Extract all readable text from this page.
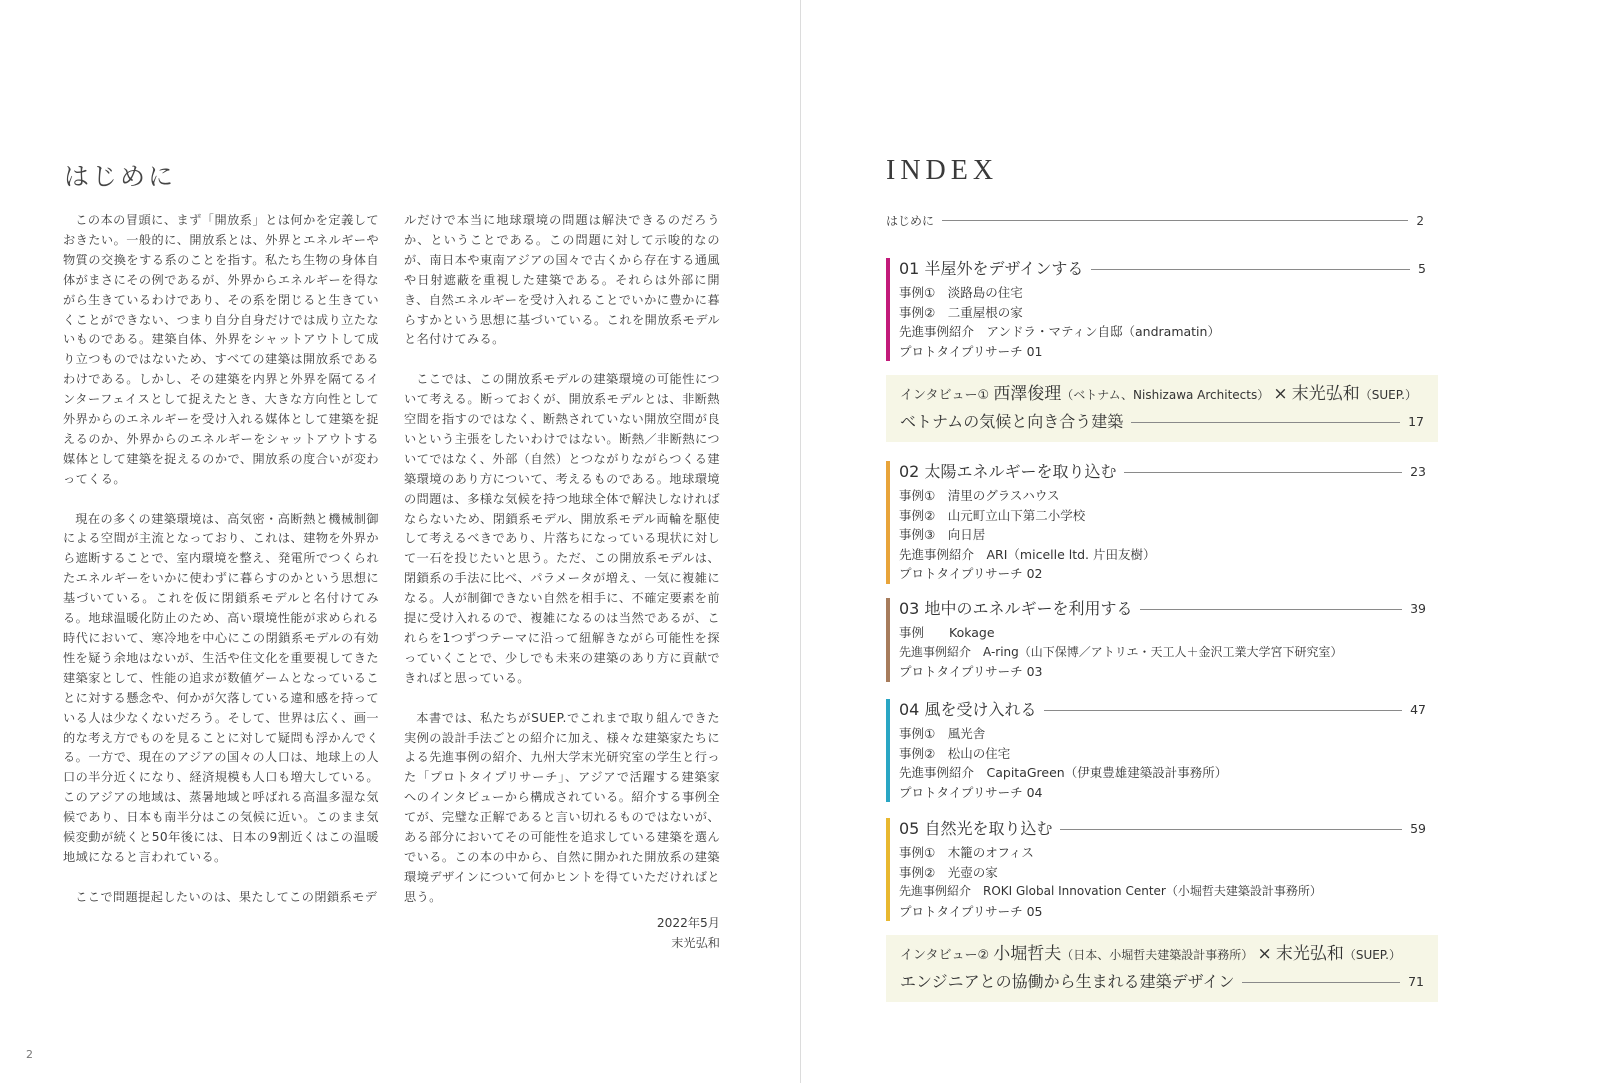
はじめに

この本の冒頭に、まず「開放系」とは何かを定義しておきたい。一般的に、開放系とは、外界とエネルギーや物質の交換をする系のことを指す。私たち生物の身体自体がまさにその例であるが、外界からエネルギーを得ながら生きているわけであり、その系を閉じると生きていくことができない、つまり自分自身だけでは成り立たないものである。建築自体、外界をシャットアウトして成り立つものではないため、すべての建築は開放系であるわけである。しかし、その建築を内界と外界を隔てるインターフェイスとして捉えたとき、大きな方向性として外界からのエネルギーを受け入れる媒体として建築を捉えるのか、外界からのエネルギーをシャットアウトする媒体として建築を捉えるのかで、開放系の度合いが変わってくる。

現在の多くの建築環境は、高気密・高断熱と機械制御による空間が主流となっており、これは、建物を外界から遮断することで、室内環境を整え、発電所でつくられたエネルギーをいかに使わずに暮らすのかという思想に基づいている。これを仮に閉鎖系モデルと名付けてみる。地球温暖化防止のため、高い環境性能が求められる時代において、寒冷地を中心にこの閉鎖系モデルの有効性を疑う余地はないが、生活や住文化を重要視してきた建築家として、性能の追求が数値ゲームとなっていることに対する懸念や、何かが欠落している違和感を持っている人は少なくないだろう。そして、世界は広く、画一的な考え方でものを見ることに対して疑問も浮かんでくる。一方で、現在のアジアの国々の人口は、地球上の人口の半分近くになり、経済規模も人口も増大している。このアジアの地域は、蒸暑地域と呼ばれる高温多湿な気候であり、日本も南半分はこの気候に近い。このまま気候変動が続くと50年後には、日本の9割近くはこの温暖地域になると言われている。

ここで問題提起したいのは、果たしてこの閉鎖系モデ

ルだけで本当に地球環境の問題は解決できるのだろうか、ということである。この問題に対して示唆的なのが、南日本や東南アジアの国々で古くから存在する通風や日射遮蔽を重視した建築である。それらは外部に開き、自然エネルギーを受け入れることでいかに豊かに暮らすかという思想に基づいている。これを開放系モデルと名付けてみる。

ここでは、この開放系モデルの建築環境の可能性について考える。断っておくが、開放系モデルとは、非断熱空間を指すのではなく、断熱されていない開放空間が良いという主張をしたいわけではない。断熱／非断熱についてではなく、外部（自然）とつながりながらつくる建築環境のあり方について、考えるものである。地球環境の問題は、多様な気候を持つ地球全体で解決しなければならないため、閉鎖系モデル、開放系モデル両輪を駆使して考えるべきであり、片落ちになっている現状に対して一石を投じたいと思う。ただ、この開放系モデルは、閉鎖系の手法に比べ、パラメータが増え、一気に複雑になる。人が制御できない自然を相手に、不確定要素を前提に受け入れるので、複雑になるのは当然であるが、これらを1つずつテーマに沿って紐解きながら可能性を探っていくことで、少しでも未来の建築のあり方に貢献できればと思っている。

本書では、私たちがSUEP.でこれまで取り組んできた実例の設計手法ごとの紹介に加え、様々な建築家たちによる先進事例の紹介、九州大学末光研究室の学生と行った「プロトタイプリサーチ」、アジアで活躍する建築家へのインタビューから構成されている。紹介する事例全てが、完璧な正解であると言い切れるものではないが、ある部分においてその可能性を追求している建築を選んでいる。この本の中から、自然に開かれた開放系の建築環境デザインについて何かヒントを得ていただければと思う。

2022年5月
末光弘和
2
INDEX
はじめに	2
01 半屋外をデザインする	5
事例①　淡路島の住宅
事例②　二重屋根の家
先進事例紹介　アンドラ・マティン自邸（andramatin）
プロトタイプリサーチ 01
インタビュー① 西澤俊理（ベトナム、Nishizawa Architects） × 末光弘和（SUEP.）
ベトナムの気候と向き合う建築	17
02 太陽エネルギーを取り込む	23
事例①　清里のグラスハウス
事例②　山元町立山下第二小学校
事例③　向日居
先進事例紹介　ARI（micelle ltd. 片田友樹）
プロトタイプリサーチ 02
03 地中のエネルギーを利用する	39
事例　　Kokage
先進事例紹介　A-ring（山下保博／アトリエ・天工人＋金沢工業大学宮下研究室）
プロトタイプリサーチ 03
04 風を受け入れる	47
事例①　風光舎
事例②　松山の住宅
先進事例紹介　CapitaGreen（伊東豊雄建築設計事務所）
プロトタイプリサーチ 04
05 自然光を取り込む	59
事例①　木籠のオフィス
事例②　光壺の家
先進事例紹介　ROKI Global Innovation Center（小堀哲夫建築設計事務所）
プロトタイプリサーチ 05
インタビュー② 小堀哲夫（日本、小堀哲夫建築設計事務所） × 末光弘和（SUEP.）
エンジニアとの協働から生まれる建築デザイン	71
